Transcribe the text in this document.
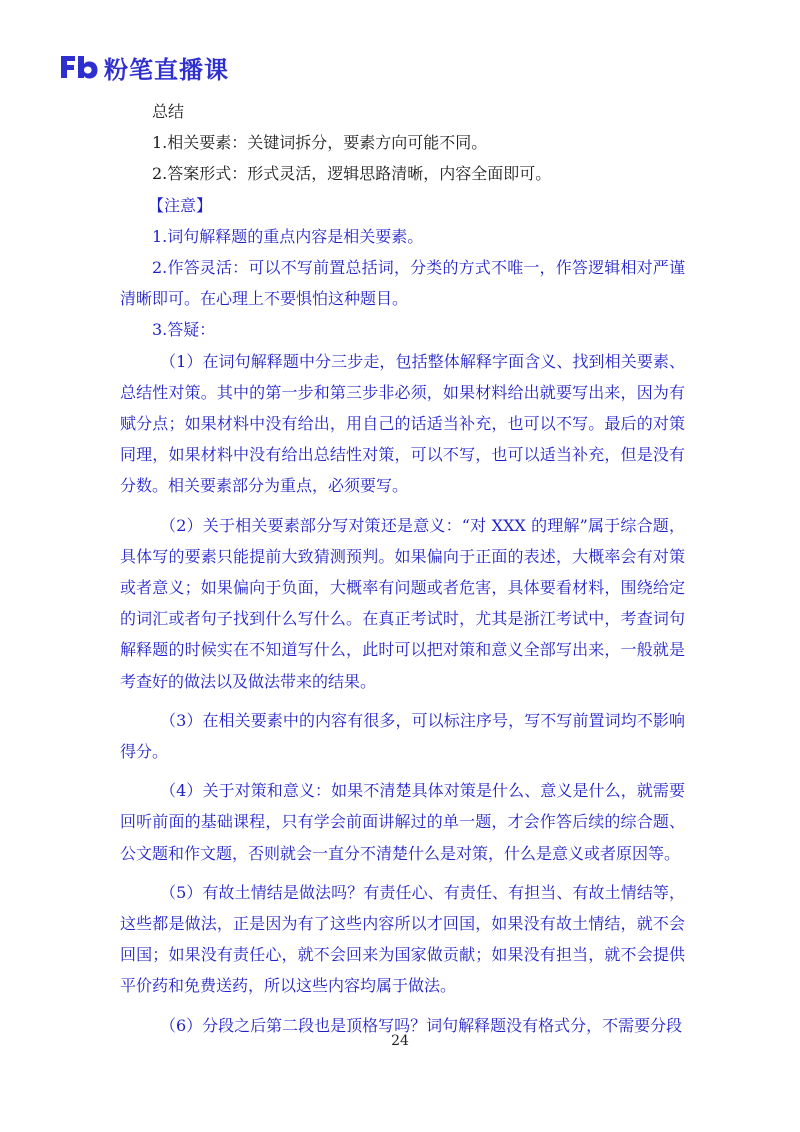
粉笔直播课

总结

1.相关要素：关键词拆分，要素方向可能不同。

2.答案形式：形式灵活，逻辑思路清晰，内容全面即可。

【注意】

1.词句解释题的重点内容是相关要素。

2.作答灵活：可以不写前置总括词，分类的方式不唯一，作答逻辑相对严谨清晰即可。在心理上不要惧怕这种题目。

3.答疑：

（1）在词句解释题中分三步走，包括整体解释字面含义、找到相关要素、总结性对策。其中的第一步和第三步非必须，如果材料给出就要写出来，因为有赋分点；如果材料中没有给出，用自己的话适当补充，也可以不写。最后的对策同理，如果材料中没有给出总结性对策，可以不写，也可以适当补充，但是没有分数。相关要素部分为重点，必须要写。

（2）关于相关要素部分写对策还是意义：“对 XXX 的理解”属于综合题，具体写的要素只能提前大致猜测预判。如果偏向于正面的表述，大概率会有对策或者意义；如果偏向于负面，大概率有问题或者危害，具体要看材料，围绕给定的词汇或者句子找到什么写什么。在真正考试时，尤其是浙江考试中，考查词句解释题的时候实在不知道写什么，此时可以把对策和意义全部写出来，一般就是考查好的做法以及做法带来的结果。

（3）在相关要素中的内容有很多，可以标注序号，写不写前置词均不影响得分。

（4）关于对策和意义：如果不清楚具体对策是什么、意义是什么，就需要回听前面的基础课程，只有学会前面讲解过的单一题，才会作答后续的综合题、公文题和作文题，否则就会一直分不清楚什么是对策，什么是意义或者原因等。

（5）有故土情结是做法吗？有责任心、有责任、有担当、有故土情结等，这些都是做法，正是因为有了这些内容所以才回国，如果没有故土情结，就不会回国；如果没有责任心，就不会回来为国家做贡献；如果没有担当，就不会提供平价药和免费送药，所以这些内容均属于做法。

（6）分段之后第二段也是顶格写吗？词句解释题没有格式分，不需要分段

24
